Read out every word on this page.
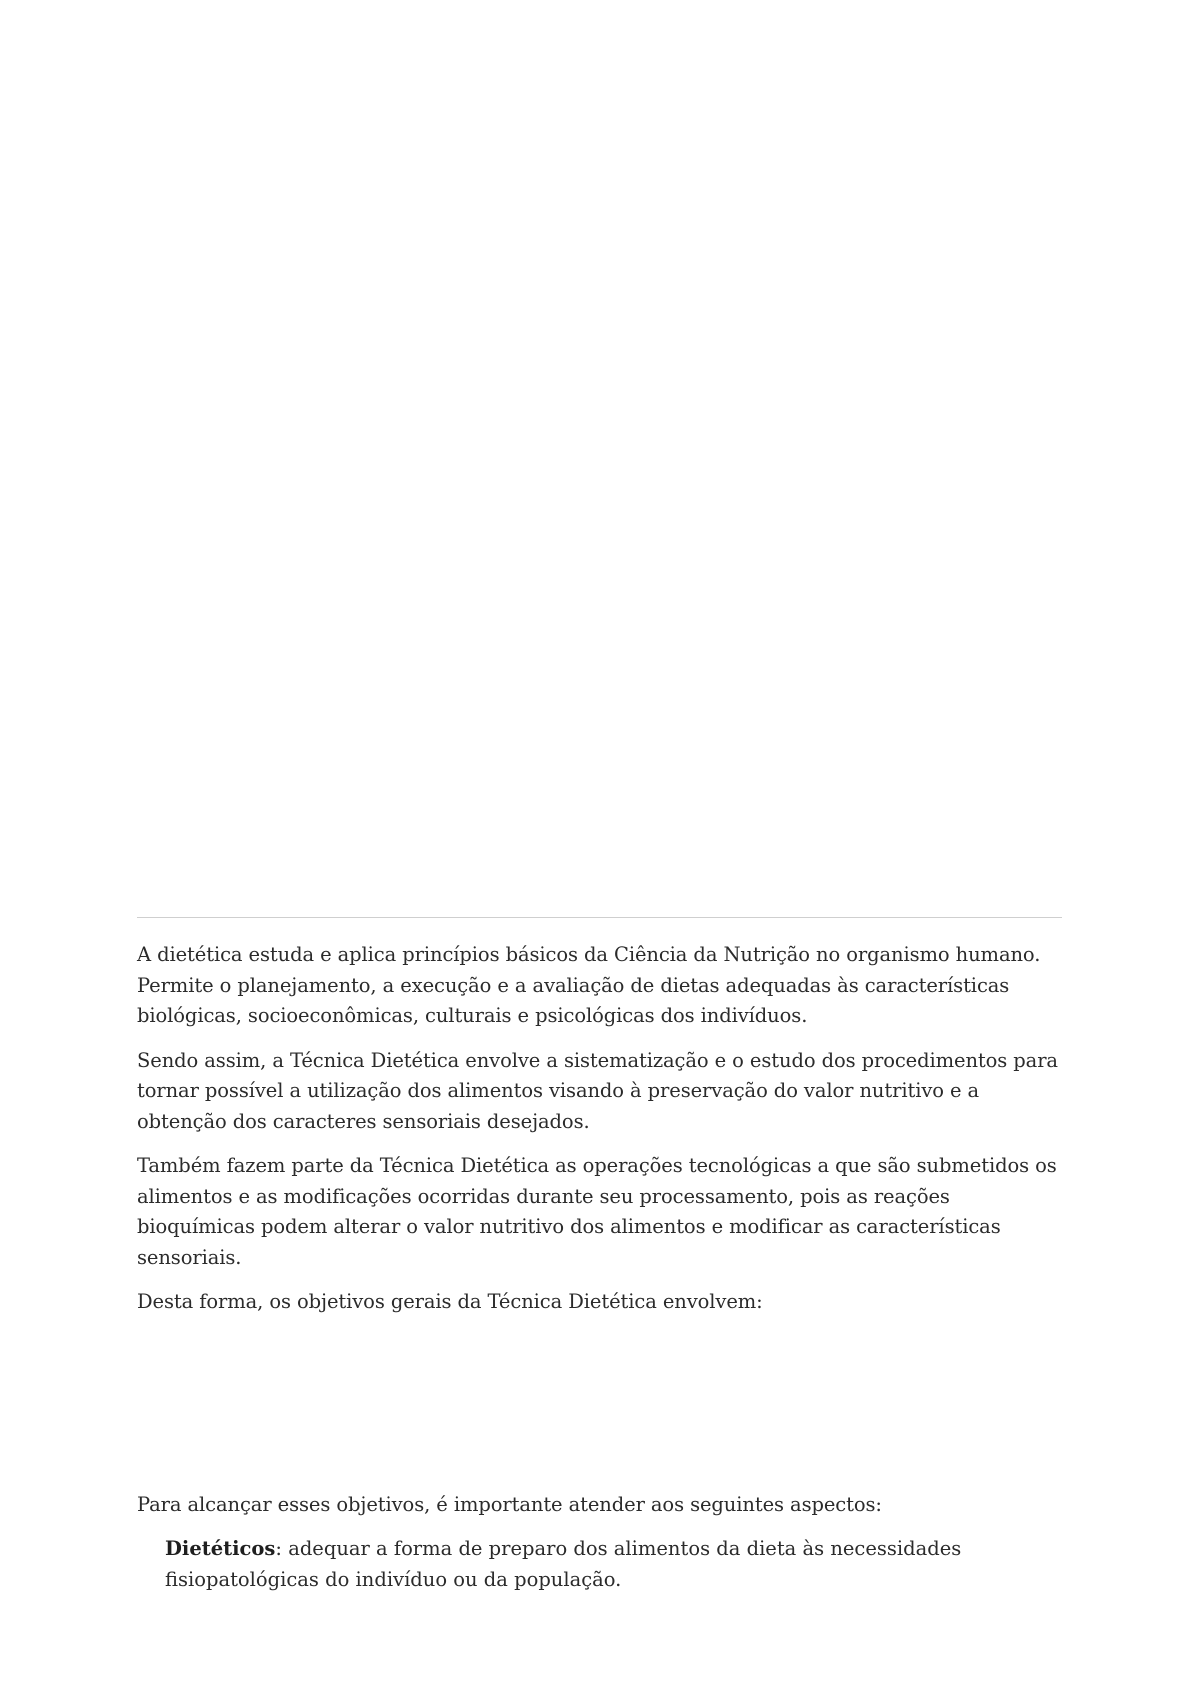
A dietética estuda e aplica princípios básicos da Ciência da Nutrição no organismo humano. Permite o planejamento, a execução e a avaliação de dietas adequadas às características biológicas, socioeconômicas, culturais e psicológicas dos indivíduos.

Sendo assim, a Técnica Dietética envolve a sistematização e o estudo dos procedimentos para tornar possível a utilização dos alimentos visando à preservação do valor nutritivo e a obtenção dos caracteres sensoriais desejados.

Também fazem parte da Técnica Dietética as operações tecnológicas a que são submetidos os alimentos e as modificações ocorridas durante seu processamento, pois as reações bioquímicas podem alterar o valor nutritivo dos alimentos e modificar as características sensoriais.

Desta forma, os objetivos gerais da Técnica Dietética envolvem:

Para alcançar esses objetivos, é importante atender aos seguintes aspectos:

Dietéticos: adequar a forma de preparo dos alimentos da dieta às necessidades fisiopatológicas do indivíduo ou da população.
